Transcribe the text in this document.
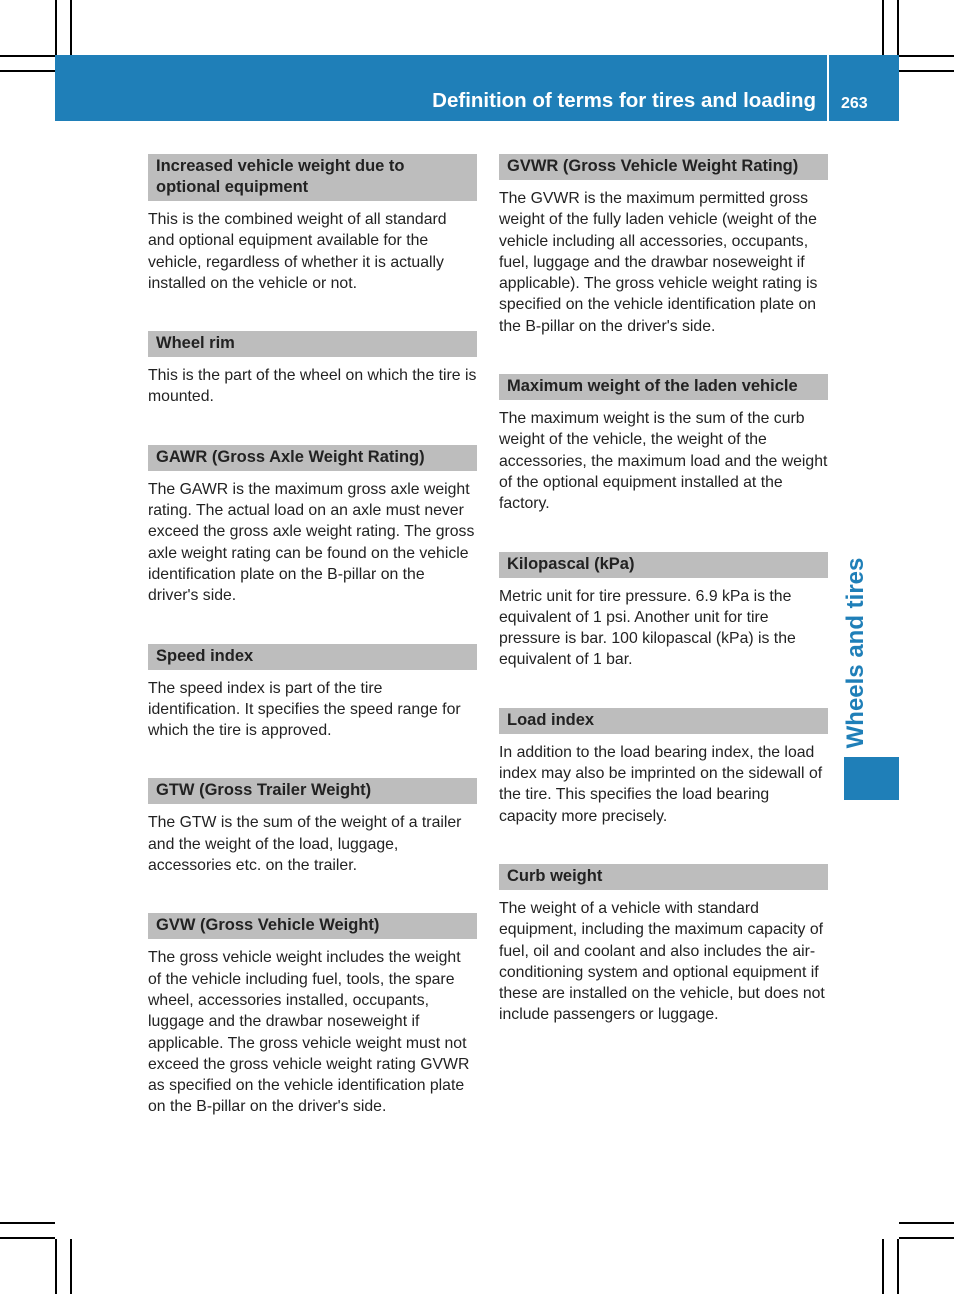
Definition of terms for tires and loading 263
Wheels and tires
Increased vehicle weight due to optional equipment
This is the combined weight of all standard and optional equipment available for the vehicle, regardless of whether it is actually installed on the vehicle or not.
Wheel rim
This is the part of the wheel on which the tire is mounted.
GAWR (Gross Axle Weight Rating)
The GAWR is the maximum gross axle weight rating. The actual load on an axle must never exceed the gross axle weight rating. The gross axle weight rating can be found on the vehicle identification plate on the B-pillar on the driver's side.
Speed index
The speed index is part of the tire identification. It specifies the speed range for which the tire is approved.
GTW (Gross Trailer Weight)
The GTW is the sum of the weight of a trailer and the weight of the load, luggage, accessories etc. on the trailer.
GVW (Gross Vehicle Weight)
The gross vehicle weight includes the weight of the vehicle including fuel, tools, the spare wheel, accessories installed, occupants, luggage and the drawbar noseweight if applicable. The gross vehicle weight must not exceed the gross vehicle weight rating GVWR as specified on the vehicle identification plate on the B-pillar on the driver's side.
GVWR (Gross Vehicle Weight Rating)
The GVWR is the maximum permitted gross weight of the fully laden vehicle (weight of the vehicle including all accessories, occupants, fuel, luggage and the drawbar noseweight if applicable). The gross vehicle weight rating is specified on the vehicle identification plate on the B-pillar on the driver's side.
Maximum weight of the laden vehicle
The maximum weight is the sum of the curb weight of the vehicle, the weight of the accessories, the maximum load and the weight of the optional equipment installed at the factory.
Kilopascal (kPa)
Metric unit for tire pressure. 6.9 kPa is the equivalent of 1 psi. Another unit for tire pressure is bar. 100 kilopascal (kPa) is the equivalent of 1 bar.
Load index
In addition to the load bearing index, the load index may also be imprinted on the sidewall of the tire. This specifies the load bearing capacity more precisely.
Curb weight
The weight of a vehicle with standard equipment, including the maximum capacity of fuel, oil and coolant and also includes the air-conditioning system and optional equipment if these are installed on the vehicle, but does not include passengers or luggage.
